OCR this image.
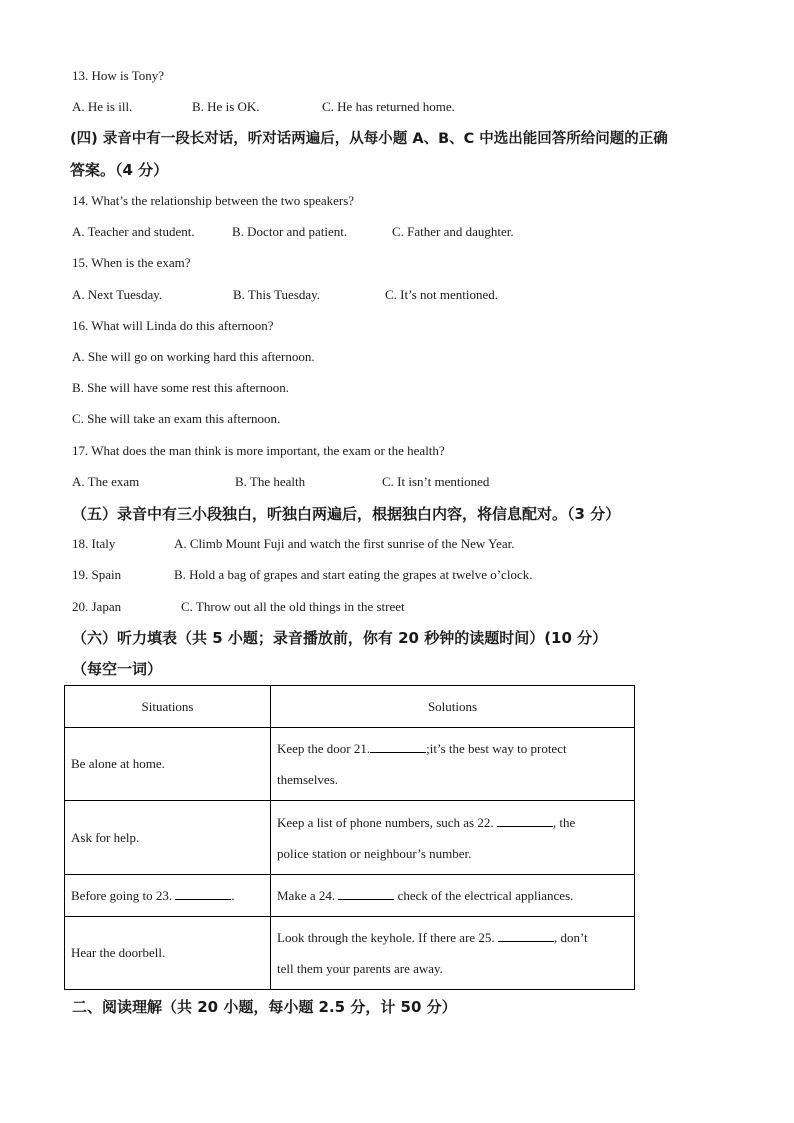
13. How is Tony?
A. He is ill.	B. He is OK.	C. He has returned home.
(四) 录音中有一段长对话，听对话两遍后，从每小题 A、B、C 中选出能回答所给问题的正确
答案。（4 分）
14. What’s the relationship between the two speakers?
A. Teacher and student.	B. Doctor and patient.	C. Father and daughter.
15. When is the exam?
A. Next Tuesday.	B. This Tuesday.	C. It’s not mentioned.
16. What will Linda do this afternoon?
A. She will go on working hard this afternoon.
B. She will have some rest this afternoon.
C. She will take an exam this afternoon.
17. What does the man think is more important, the exam or the health?
A. The exam	B. The health	C. It isn’t mentioned
（五）录音中有三小段独白，听独白两遍后，根据独白内容，将信息配对。（3 分）
18. Italy	A. Climb Mount Fuji and watch the first sunrise of the New Year.
19. Spain	B. Hold a bag of grapes and start eating the grapes at twelve o’clock.
20. Japan	C. Throw out all the old things in the street
（六）听力填表（共 5 小题；录音播放前，你有 20 秒钟的读题时间）(10 分）
（每空一词）
Situations	Solutions
Be alone at home.	Keep the door 21. ;it’s the best way to protect
themselves.
Ask for help.	Keep a list of phone numbers, such as 22. , the
police station or neighbour’s number.
Before going to 23. .	Make a 24. check of the electrical appliances.
Hear the doorbell.	Look through the keyhole. If there are 25. , don’t
tell them your parents are away.
二、阅读理解（共 20 小题，每小题 2.5 分，计 50 分）
